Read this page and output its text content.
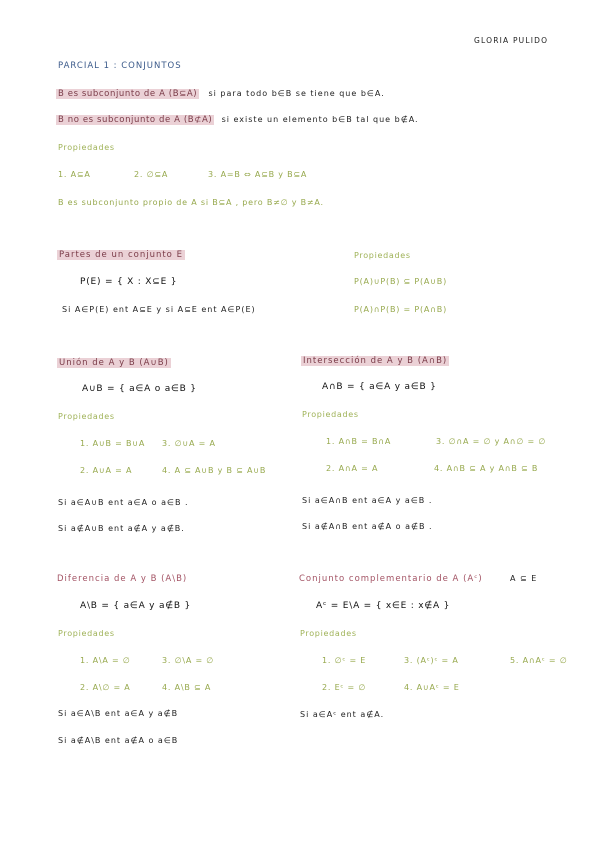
GLORIA PULIDO
PARCIAL 1 : CONJUNTOS
B es subconjunto de A (B⊆A) si para todo b∈B se tiene que b∈A.
B no es subconjunto de A (B⊄A) si existe un elemento b∈B tal que b∉A.
Propiedades
1. A⊆A	2. ∅⊆A	3. A=B ⇔ A⊆B y B⊆A
B es subconjunto propio de A si B⊆A , pero B≠∅ y B≠A.
Partes de un conjunto E
P(E) = { X : X⊆E }
Si A∈P(E) ent A⊆E y si A⊆E ent A∈P(E)
Propiedades
P(A)∪P(B) ⊆ P(A∪B)
P(A)∩P(B) = P(A∩B)
Unión de A y B (A∪B)
A∪B = { a∈A o a∈B }
Propiedades
1. A∪B = B∪A 3. ∅∪A = A
2. A∪A = A	4. A ⊆ A∪B y B ⊆ A∪B
Si a∈A∪B ent a∈A o a∈B .
Si a∉A∪B ent a∉A y a∉B.
Intersección de A y B (A∩B)
A∩B = { a∈A y a∈B }
Propiedades
1. A∩B = B∩A	3. ∅∩A = ∅ y A∩∅ = ∅
2. A∩A = A	4. A∩B ⊆ A y A∩B ⊆ B
Si a∈A∩B ent a∈A y a∈B .
Si a∉A∩B ent a∉A o a∉B .
Diferencia de A y B (A\B)
A\B = { a∈A y a∉B }
Propiedades
1. A\A = ∅	3. ∅\A = ∅
2. A\∅ = A	4. A\B ⊆ A
Si a∈A\B ent a∈A y a∉B
Si a∉A\B ent a∉A o a∈B
Conjunto complementario de A (Aᶜ)	A ⊆ E
Aᶜ = E\A = { x∈E : x∉A }
Propiedades
1. ∅ᶜ = E	3. (Aᶜ)ᶜ = A	5. A∩Aᶜ = ∅
2. Eᶜ = ∅	4. A∪Aᶜ = E
Si a∈Aᶜ ent a∉A.
